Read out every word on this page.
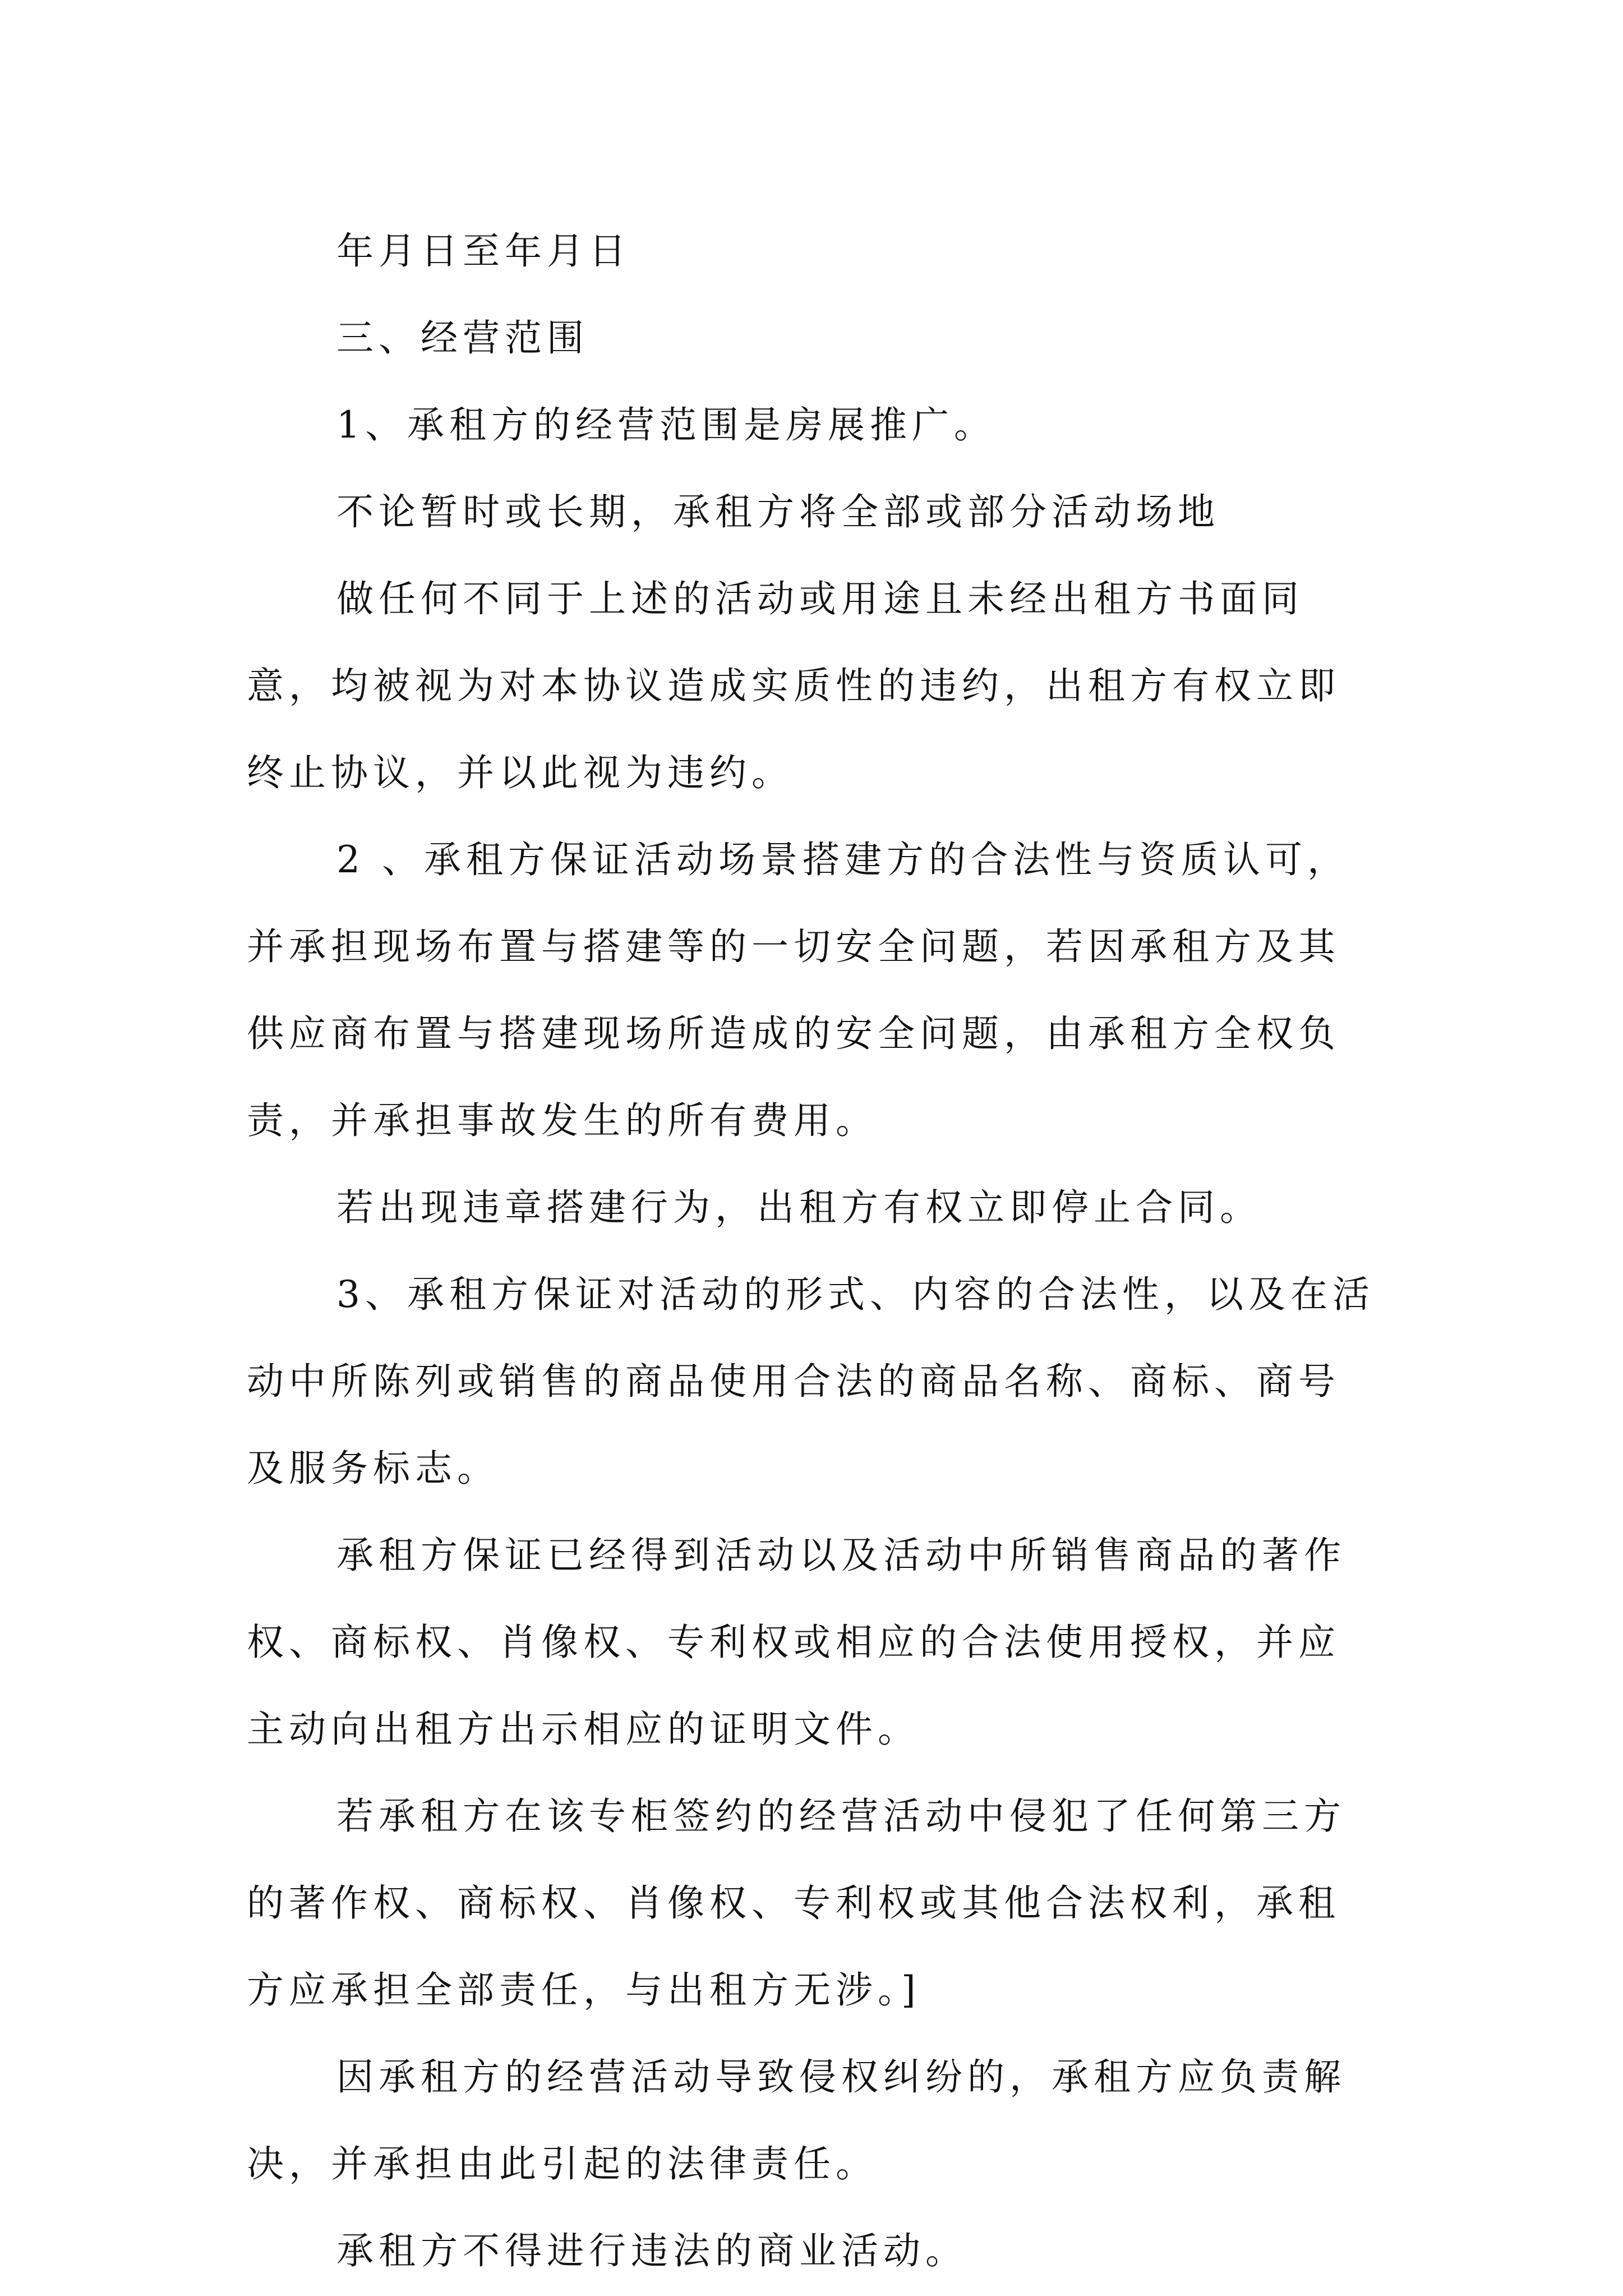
年月日至年月日

三、经营范围

1、承租方的经营范围是房展推广。

不论暂时或长期，承租方将全部或部分活动场地

做任何不同于上述的活动或用途且未经出租方书面同意，均被视为对本协议造成实质性的违约，出租方有权立即终止协议，并以此视为违约。

2 、承租方保证活动场景搭建方的合法性与资质认可，并承担现场布置与搭建等的一切安全问题，若因承租方及其供应商布置与搭建现场所造成的安全问题，由承租方全权负责，并承担事故发生的所有费用。

若出现违章搭建行为，出租方有权立即停止合同。

3、承租方保证对活动的形式、内容的合法性，以及在活动中所陈列或销售的商品使用合法的商品名称、商标、商号及服务标志。

承租方保证已经得到活动以及活动中所销售商品的著作权、商标权、肖像权、专利权或相应的合法使用授权，并应主动向出租方出示相应的证明文件。

若承租方在该专柜签约的经营活动中侵犯了任何第三方的著作权、商标权、肖像权、专利权或其他合法权利，承租方应承担全部责任，与出租方无涉。]

因承租方的经营活动导致侵权纠纷的，承租方应负责解决，并承担由此引起的法律责任。

承租方不得进行违法的商业活动。
